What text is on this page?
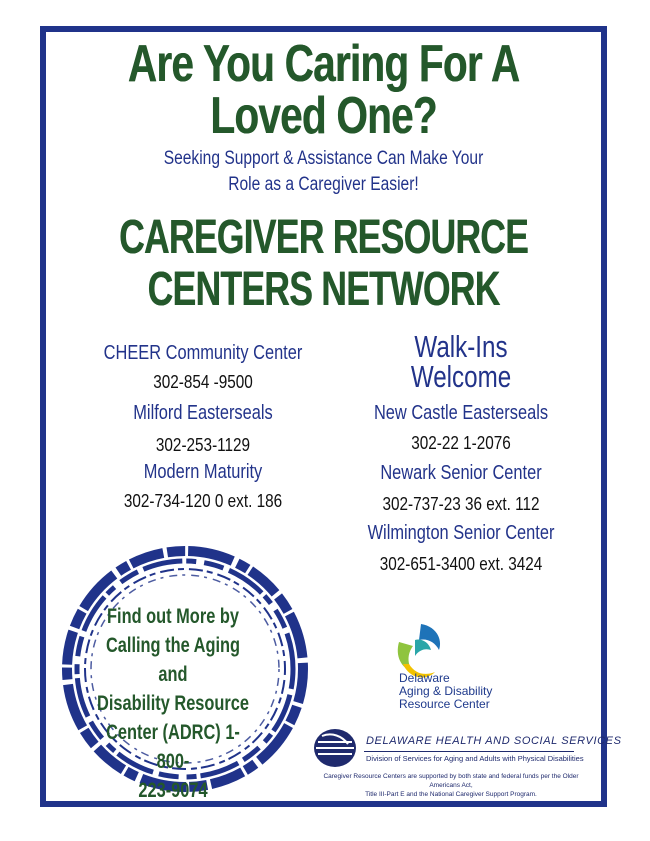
Are You Caring For A
Loved One?
Seeking Support & Assistance Can Make Your
Role as a Caregiver Easier!
CAREGIVER RESOURCE
CENTERS NETWORK
CHEER Community Center
302-854 -9500
Milford Easterseals
302-253-1129
Modern Maturity
302-734-120 0 ext. 186
Walk-Ins
Welcome
New Castle Easterseals
302-22 1-2076
Newark Senior Center
302-737-23 36 ext. 112
Wilmington Senior Center
302-651-3400 ext. 3424
Find out More by
Calling the Aging and
Disability Resource
Center (ADRC) 1-800-
223-9074
Delaware
Aging & Disability
Resource Center
DELAWARE HEALTH AND SOCIAL SERVICES
Division of Services for Aging and Adults with Physical Disabilities
Caregiver Resource Centers are supported by both state and federal funds per the Older Americans Act,
Title III-Part E and the National Caregiver Support Program.
